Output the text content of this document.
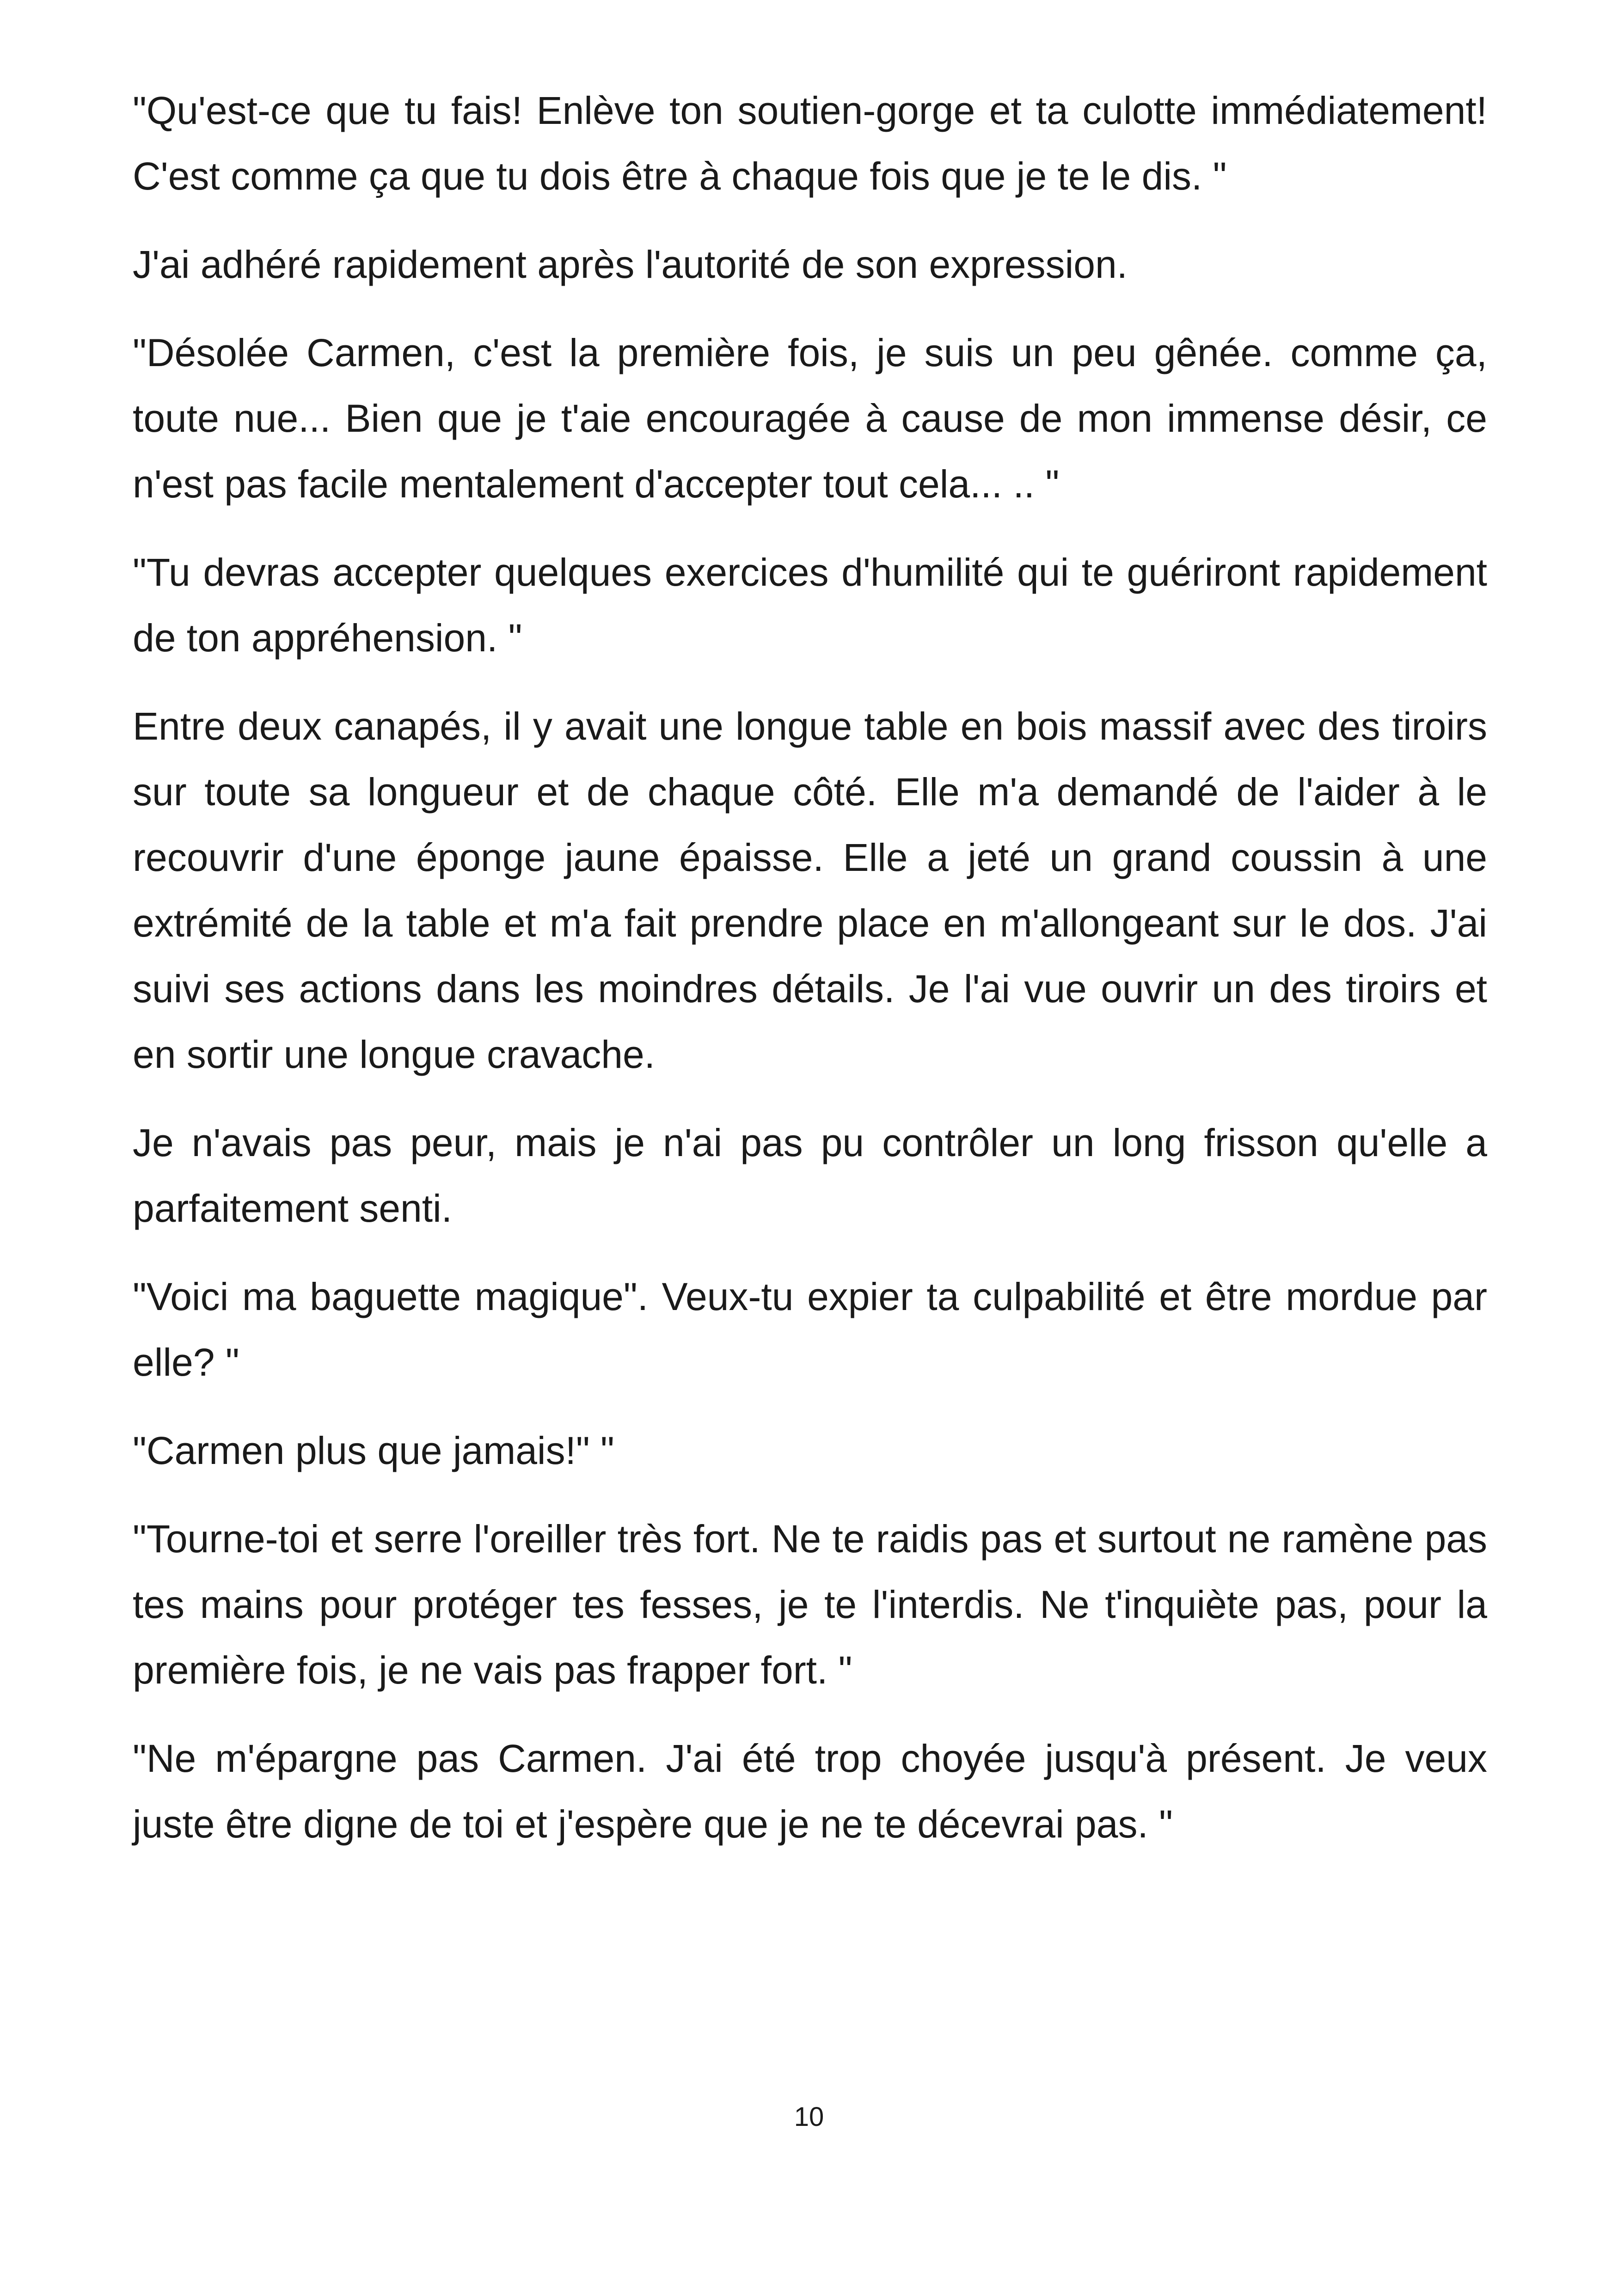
"Qu'est-ce que tu fais! Enlève ton soutien-gorge et ta culotte immédiatement! C'est comme ça que tu dois être à chaque fois que je te le dis. "

J'ai adhéré rapidement après l'autorité de son expression.

"Désolée Carmen, c'est la première fois, je suis un peu gênée. comme ça, toute nue... Bien que je t'aie encouragée à cause de mon immense désir, ce n'est pas facile mentalement d'accepter tout cela... .. "

"Tu devras accepter quelques exercices d'humilité qui te guériront rapidement de ton appréhension. "

Entre deux canapés, il y avait une longue table en bois massif avec des tiroirs sur toute sa longueur et de chaque côté. Elle m'a demandé de l'aider à le recouvrir d'une éponge jaune épaisse. Elle a jeté un grand coussin à une extrémité de la table et m'a fait prendre place en m'allongeant sur le dos. J'ai suivi ses actions dans les moindres détails. Je l'ai vue ouvrir un des tiroirs et en sortir une longue cravache.

Je n'avais pas peur, mais je n'ai pas pu contrôler un long frisson qu'elle a parfaitement senti.

"Voici ma baguette magique". Veux-tu expier ta culpabilité et être mordue par elle? "

"Carmen plus que jamais!" "

"Tourne-toi et serre l'oreiller très fort. Ne te raidis pas et surtout ne ramène pas tes mains pour protéger tes fesses, je te l'interdis. Ne t'inquiète pas, pour la première fois, je ne vais pas frapper fort. "

"Ne m'épargne pas Carmen. J'ai été trop choyée jusqu'à présent. Je veux juste être digne de toi et j'espère que je ne te décevrai pas. "

10
